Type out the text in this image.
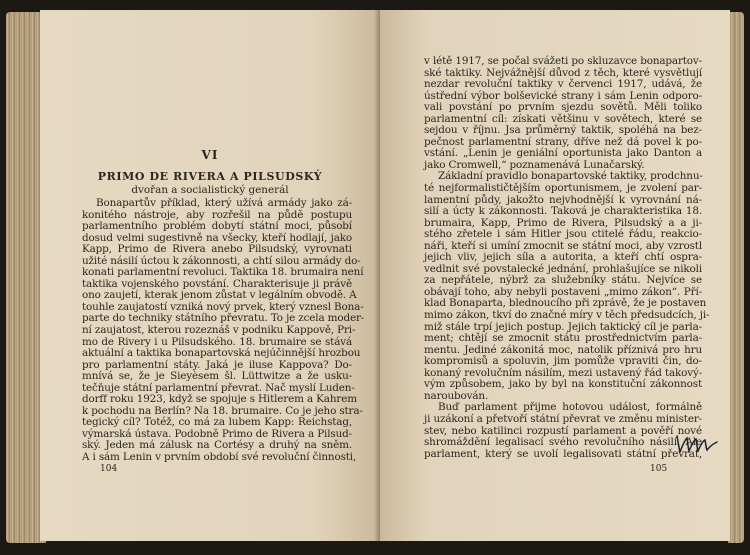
VI
PRIMO DE RIVERA A PILSUDSKÝ
dvořan a socialistický generál
Bonapartův příklad, který užívá armády jako zá-
konitého nástroje, aby rozřešil na půdě postupu
parlamentního problém dobytí státní moci, působí
dosud velmi sugestivně na všecky, kteří hodlají, jako
Kapp, Primo de Rivera anebo Pilsudský, vyrovnati
užité násilí úctou k zákonnosti, a chtí silou armády do-
konati parlamentní revoluci. Taktika 18. brumaira není
taktika vojenského povstání. Charakterisuje ji právě
ono zaujetí, kterak jenom zůstat v legálním obvodě. A
touhle zaujatostí vzniká nový prvek, který vznesl Bona-
parte do techniky státního převratu. To je zcela moder-
ní zaujatost, kterou rozeznáš v podniku Kappově, Pri-
mo de Rivery i u Pilsudského. 18. brumaire se stává
aktuální a taktika bonapartovská nejúčinnější hrozbou
pro parlamentní státy. Jaká je iluse Kappova? Do-
mnívá se, že je Sieyèsem šl. Lüttwitze a že usku-
tečňuje státní parlamentní převrat. Nač myslí Luden-
dorff roku 1923, když se spojuje s Hitlerem a Kahrem
k pochodu na Berlín? Na 18. brumaire. Co je jeho stra-
tegický cíl? Totéž, co má za lubem Kapp: Reichstag,
výmarská ústava. Podobně Primo de Rivera a Pilsud-
ský. Jeden má zálusk na Cortésy a druhý na sněm.
A i sám Lenin v prvním období své revoluční činnosti,
104
v létě 1917, se počal svážeti po skluzavce bonapartov-
ské taktiky. Nejvážnější důvod z těch, které vysvětlují
nezdar revoluční taktiky v červenci 1917, udává, že
ústřední výbor bolševické strany i sám Lenin odporo-
vali povstání po prvním sjezdu sovětů. Měli toliko
parlamentní cíl: získati většinu v sovětech, které se
sejdou v říjnu. Jsa průměrný taktik, spoléhá na bez-
pečnost parlamentní strany, dříve než dá povel k po-
vstání. „Lenin je geniální oportunista jako Danton a
jako Cromwell,“ poznamenává Lunačarský.
Základní pravidlo bonapartovské taktiky, prodchnu-
té nejformalističtějším oportunismem, je zvolení par-
lamentní půdy, jakožto nejvhodnější k vyrovnání ná-
silí a úcty k zákonnosti. Taková je charakteristika 18.
brumaira, Kapp, Primo de Rivera, Pilsudský a a ji-
stého zřetele i sám Hitler jsou ctitelé řádu, reakcio-
náři, kteří si umíní zmocnit se státní moci, aby vzrostl
jejich vliv, jejich síla a autorita, a kteří chtí ospra-
vedlnit své povstalecké jednání, prohlašujíce se nikoli
za nepřátele, nýbrž za služebníky státu. Nejvíce se
obávají toho, aby nebyli postaveni „mimo zákon“. Pří-
klad Bonaparta, blednoucího při zprávě, že je postaven
mimo zákon, tkví do značné míry v těch předsudcích, ji-
miž stále trpí jejich postup. Jejich taktický cíl je parla-
ment; chtějí se zmocnit státu prostřednictvím parla-
mentu. Jediné zákonitá moc, natolik příznivá pro hru
kompromisů a spoluvin, jim pomůže vpraviti čin, do-
konaný revolučním násilím, mezi ustavený řád takový-
vým způsobem, jako by byl na konstituční zákonnost
naroubován.
Buď parlament přijme hotovou událost, formálně
ji uzákoní a přetvoří státní převrat ve změnu minister-
stev, nebo katilinci rozpustí parlament a pověří nové
shromáždění legalisací svého revolučního násilí. Ale
parlament, který se uvolí legalisovati státní převrat,
105
